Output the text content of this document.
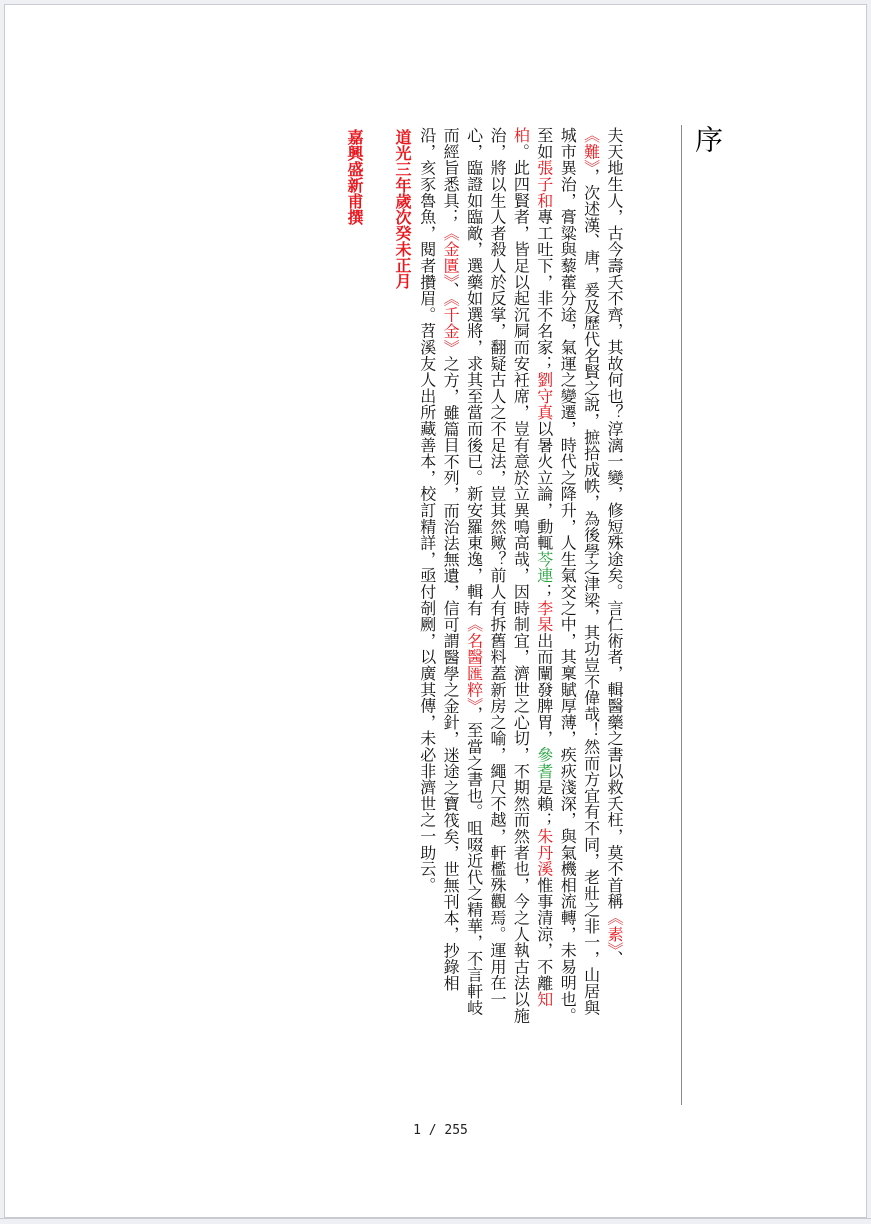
序
夫天地生人，古今壽夭不齊，其故何也？淳漓一變，修短殊途矣。言仁術者，輯醫藥之書以救夭枉，莫不首稱《素》、
《難》，次述漢、唐，爰及歷代名賢之說，摭拾成帙，為後學之津梁，其功豈不偉哉！然而方宜有不同，老壯之非一，山居與
城市異治，膏粱與藜藿分途，氣運之變遷，時代之降升，人生氣交之中，其稟賦厚薄，疾疢淺深，與氣機相流轉，未易明也。
至如張子和專工吐下，非不名家；劉守真以暑火立論，動輒芩連；李杲出而闡發脾胃，參耆是賴；朱丹溪惟事清涼，不離知
柏。此四賢者，皆足以起沉屙而安衽席，豈有意於立異鳴高哉，因時制宜，濟世之心切，不期然而然者也，今之人執古法以施
治，將以生人者殺人於反掌，翻疑古人之不足法，豈其然歟？前人有拆舊料蓋新房之喻，繩尺不越，軒檻殊觀焉。運用在一
心，臨證如臨敵，選藥如選將，求其至當而後已。新安羅東逸，輯有《名醫匯粹》，至當之書也。咀啜近代之精華，不言軒岐
而經旨悉具；《金匱》、《千金》之方，雖篇目不列，而治法無遺，信可謂醫學之金針，迷途之寶筏矣，世無刊本，抄錄相
沿，亥豕魯魚，閱者攢眉。苕溪友人出所藏善本，校訂精詳，亟付剞劂，以廣其傳，未必非濟世之一助云。
道光三年歲次癸未正月
嘉興盛新甫撰
1 / 255
